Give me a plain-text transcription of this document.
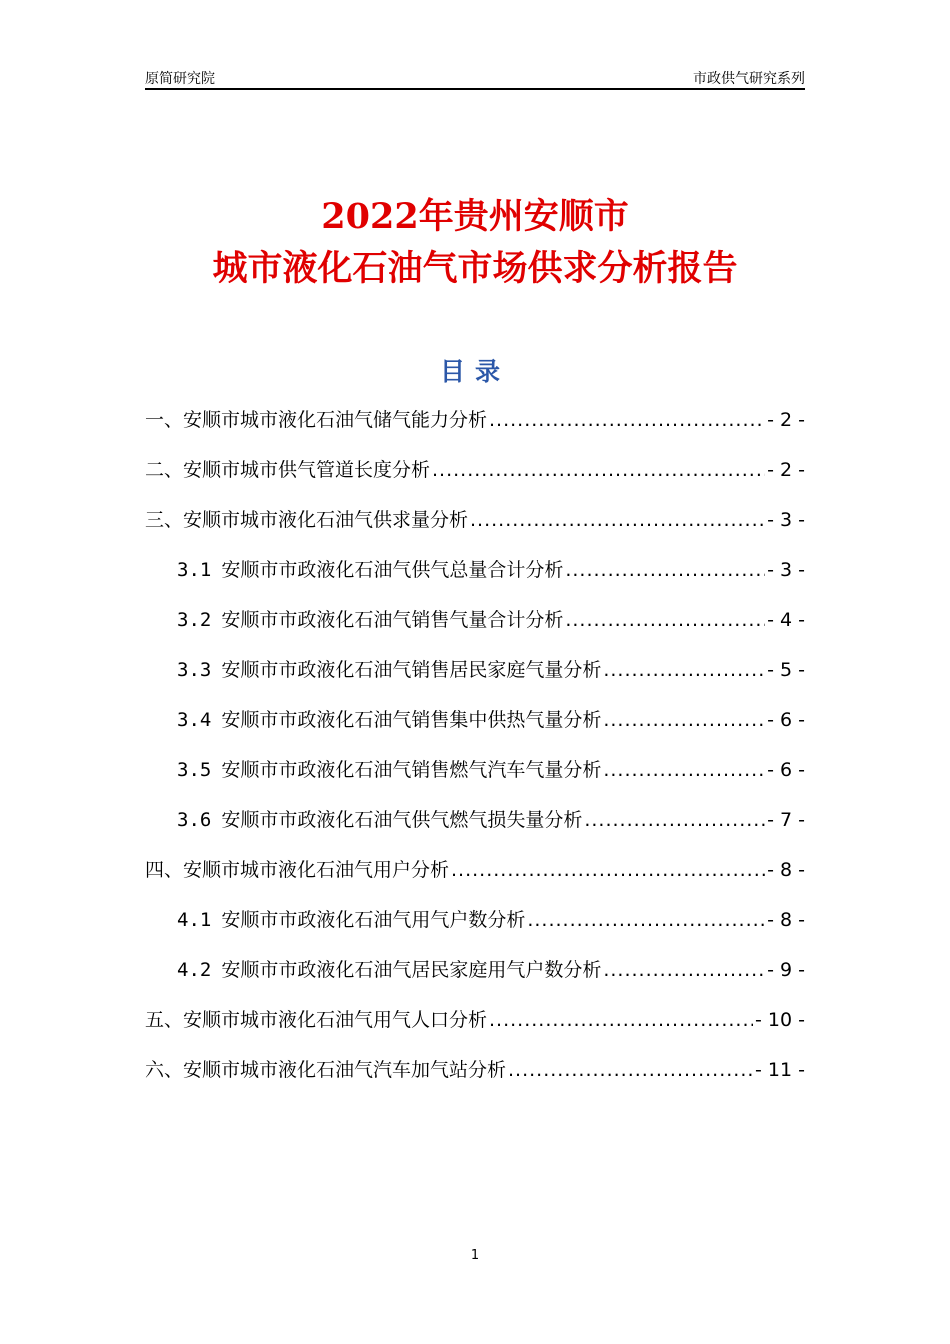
原简研究院	市政供气研究系列
2022年贵州安顺市
城市液化石油气市场供求分析报告
目录
一、安顺市城市液化石油气储气能力分析 .....	- 2 -
二、安顺市城市供气管道长度分析 .....	- 2 -
三、安顺市城市液化石油气供求量分析 .....	- 3 -
3.1 安顺市市政液化石油气供气总量合计分析 .....	- 3 -
3.2 安顺市市政液化石油气销售气量合计分析 .....	- 4 -
3.3 安顺市市政液化石油气销售居民家庭气量分析 .....	- 5 -
3.4 安顺市市政液化石油气销售集中供热气量分析 .....	- 6 -
3.5 安顺市市政液化石油气销售燃气汽车气量分析 .....	- 6 -
3.6 安顺市市政液化石油气供气燃气损失量分析 .....	- 7 -
四、安顺市城市液化石油气用户分析 .....	- 8 -
4.1 安顺市市政液化石油气用气户数分析 .....	- 8 -
4.2 安顺市市政液化石油气居民家庭用气户数分析 .....	- 9 -
五、安顺市城市液化石油气用气人口分析 .....	- 10 -
六、安顺市城市液化石油气汽车加气站分析 .....	- 11 -
1
